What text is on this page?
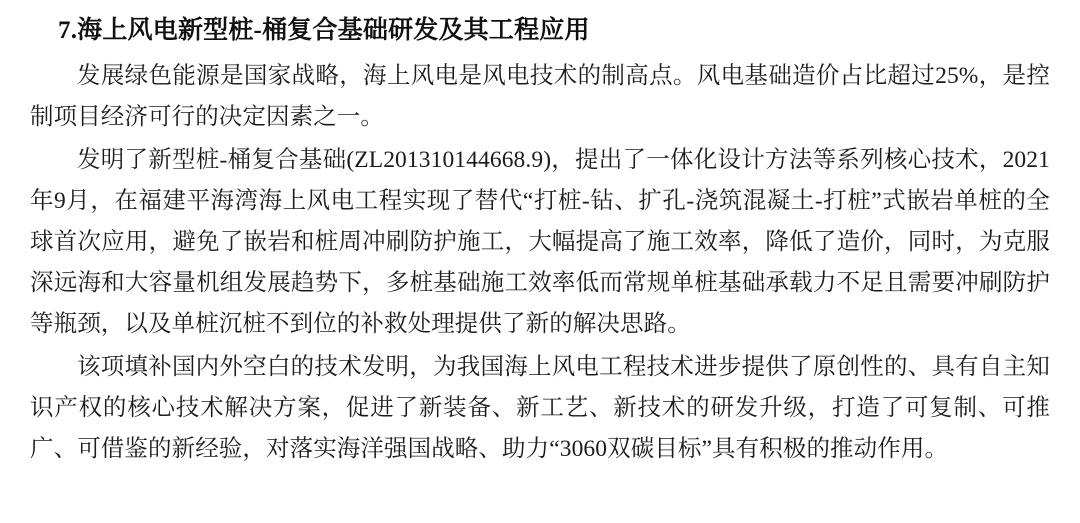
7.海上风电新型桩-桶复合基础研发及其工程应用

发展绿色能源是国家战略，海上风电是风电技术的制高点。风电基础造价占比超过25%，是控制项目经济可行的决定因素之一。

发明了新型桩-桶复合基础(ZL201310144668.9)，提出了一体化设计方法等系列核心技术，2021年9月，在福建平海湾海上风电工程实现了替代“打桩-钻、扩孔-浇筑混凝土-打桩”式嵌岩单桩的全球首次应用，避免了嵌岩和桩周冲刷防护施工，大幅提高了施工效率，降低了造价，同时，为克服深远海和大容量机组发展趋势下，多桩基础施工效率低而常规单桩基础承载力不足且需要冲刷防护等瓶颈，以及单桩沉桩不到位的补救处理提供了新的解决思路。

该项填补国内外空白的技术发明，为我国海上风电工程技术进步提供了原创性的、具有自主知识产权的核心技术解决方案，促进了新装备、新工艺、新技术的研发升级，打造了可复制、可推广、可借鉴的新经验，对落实海洋强国战略、助力“3060双碳目标”具有积极的推动作用。
